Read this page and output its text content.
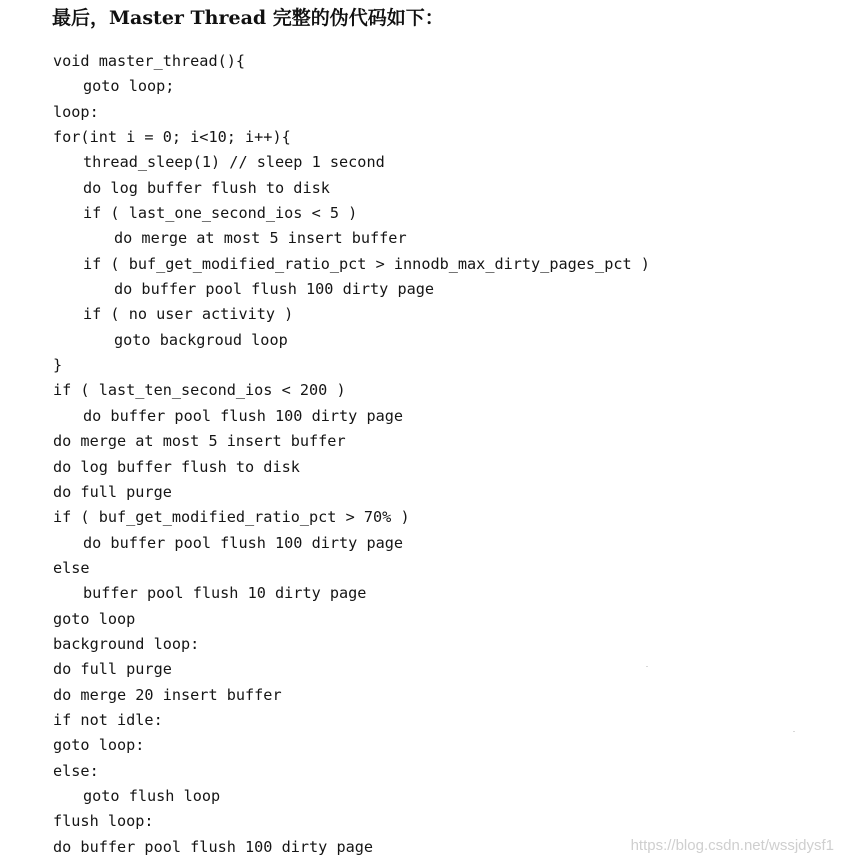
最后，Master Thread 完整的伪代码如下：
void master_thread(){
goto loop;
loop:
for(int i = 0; i<10; i++){
thread_sleep(1) // sleep 1 second
do log buffer flush to disk
if ( last_one_second_ios < 5 )
do merge at most 5 insert buffer
if ( buf_get_modified_ratio_pct > innodb_max_dirty_pages_pct )
do buffer pool flush 100 dirty page
if ( no user activity )
goto backgroud loop
}
if ( last_ten_second_ios < 200 )
do buffer pool flush 100 dirty page
do merge at most 5 insert buffer
do log buffer flush to disk
do full purge
if ( buf_get_modified_ratio_pct > 70% )
do buffer pool flush 100 dirty page
else
buffer pool flush 10 dirty page
goto loop
background loop:
do full purge
do merge 20 insert buffer
if not idle:
goto loop:
else:
goto flush loop
flush loop:
do buffer pool flush 100 dirty page	https://blog.csdn.net/wssjdysf1
